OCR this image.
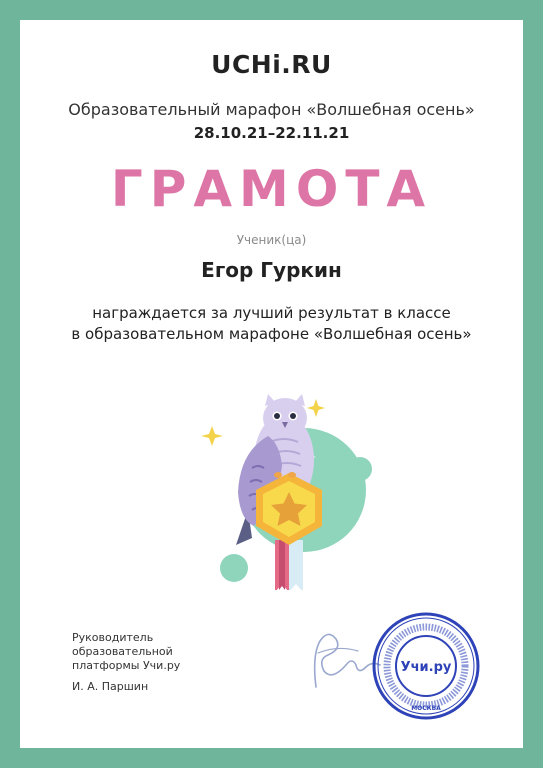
UCHi.RU
Образовательный марафон «Волшебная осень»
28.10.21–22.11.21
ГРАМОТА
Ученик(ца)
Егор Гуркин
награждается за лучший результат в классе
в образовательном марафоне «Волшебная осень»
Руководитель
образовательной
платформы Учи.ру
И. А. Паршин
МОСКВА
Учи.ру
